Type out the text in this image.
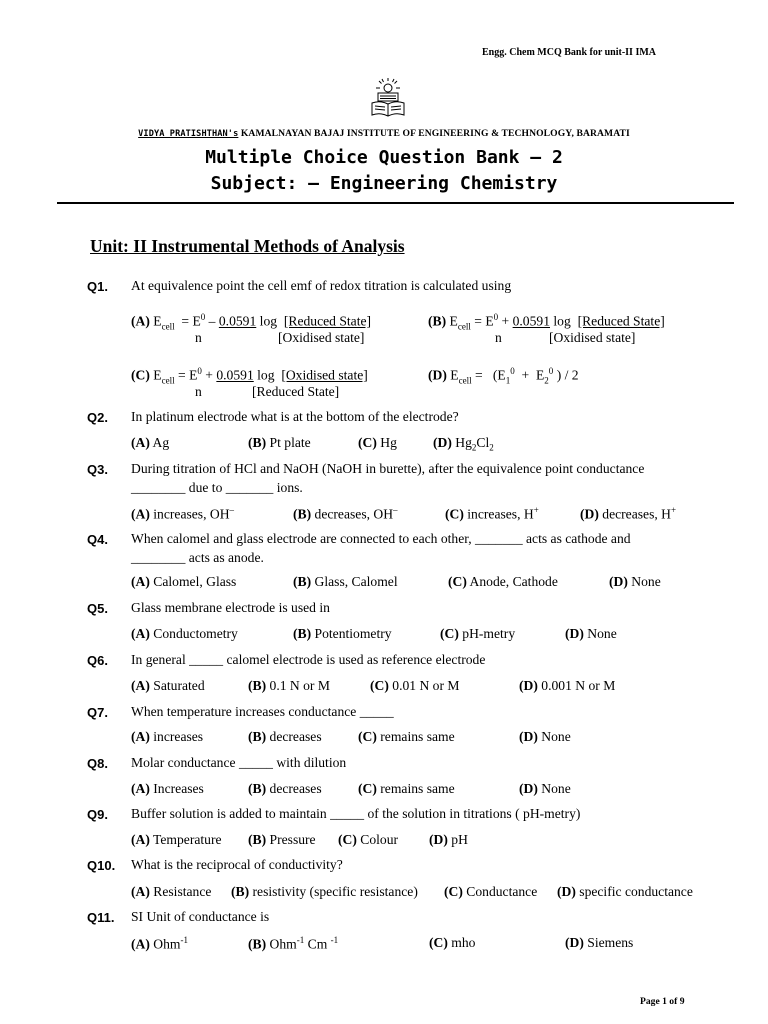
Engg. Chem MCQ Bank for unit-II IMA
VIDYA PRATISHTHAN's KAMALNAYAN BAJAJ INSTITUTE OF ENGINEERING & TECHNOLOGY, BARAMATI
Multiple Choice Question Bank – 2
Subject: – Engineering Chemistry
Unit: II Instrumental Methods of Analysis
Q1. At equivalence point the cell emf of redox titration is calculated using
(A) $E_{cell} = E^0 - 0.0591$ log [Reduced State]
n	[Oxidised state]
(B) $E_{cell} = E^0 + 0.0591$ log [Reduced State]
n	[Oxidised state]
(C) $E_{cell} = E^0 + 0.0591$ log [Oxidised state]
n	[Reduced State]
(D) $E_{cell} = (E_1^0 + E_2^0$ ) / 2
Q2. In platinum electrode what is at the bottom of the electrode?
(A) Ag	(B) Pt plate	(C) Hg	(D) $Hg_2Cl_2$
Q3. During titration of HCl and NaOH (NaOH in burette), after the equivalence point conductance
________ due to _______ ions.
(A) increases, OH–	(B) decreases, OH–	(C) increases, H+	(D) decreases, H+
Q4. When calomel and glass electrode are connected to each other, _______ acts as cathode and
________ acts as anode.
(A) Calomel, Glass	(B) Glass, Calomel	(C) Anode, Cathode	(D) None
Q5. Glass membrane electrode is used in
(A) Conductometry	(B) Potentiometry	(C) pH-metry	(D) None
Q6. In general _____ calomel electrode is used as reference electrode
(A) Saturated	(B) 0.1 N or M	(C) 0.01 N or M	(D) 0.001 N or M
Q7. When temperature increases conductance _____
(A) increases	(B) decreases	(C) remains same	(D) None
Q8. Molar conductance _____ with dilution
(A) Increases	(B) decreases	(C) remains same	(D) None
Q9. Buffer solution is added to maintain _____ of the solution in titrations ( pH-metry)
(A) Temperature (B) Pressure (C) Colour (D) pH
Q10. What is the reciprocal of conductivity?
(A) Resistance (B) resistivity (specific resistance) (C) Conductance (D) specific conductance
Q11. SI Unit of conductance is
(A) Ohm$^{-1}$	(B) Ohm$^{-1}$ Cm $^{-1}$	(C) mho	(D) Siemens
Page 1 of 9
